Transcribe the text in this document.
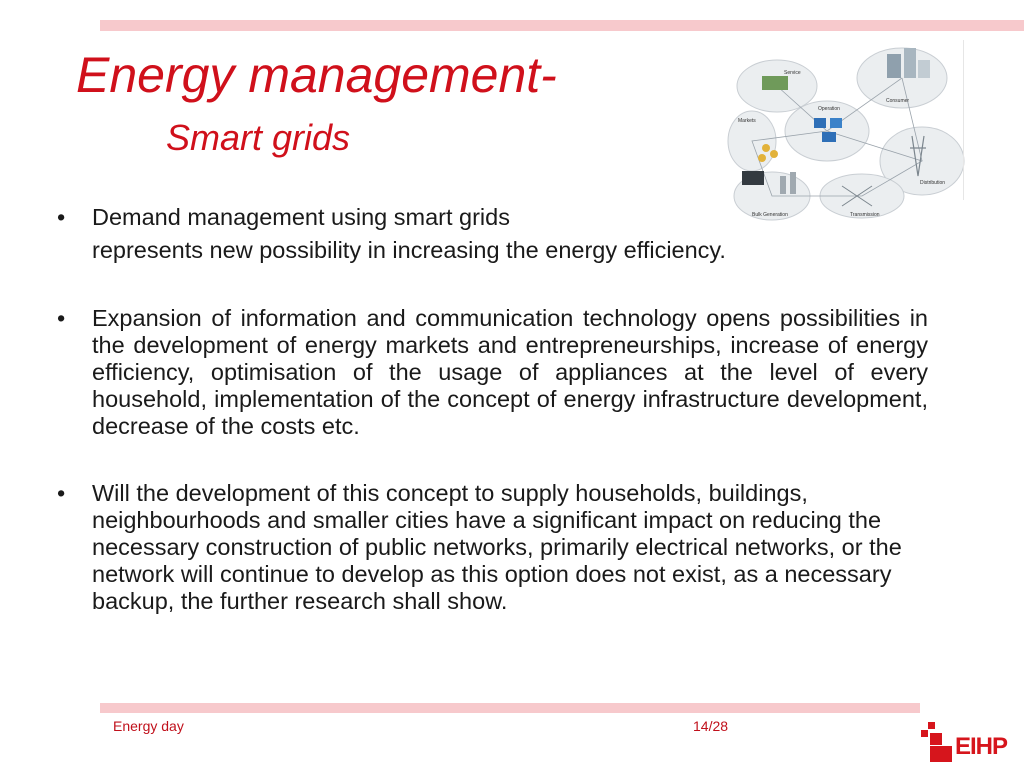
Energy management-
Smart grids
Service
Operation
Markets
Consumer
Distribution
Bulk Generation	Transmission
• Demand management using smart grids
represents new possibility in increasing the energy efficiency.
• Expansion of information and communication technology opens possibilities in the development of energy markets and entrepreneurships, increase of energy efficiency, optimisation of the usage of appliances at the level of every household, implementation of the concept of energy infrastructure development, decrease of the costs etc.
• Will the development of this concept to supply households, buildings, neighbourhoods and smaller cities have a significant impact on reducing the necessary construction of public networks, primarily electrical networks, or the network will continue to develop as this option does not exist, as a necessary backup, the further research shall show.
Energy day	14/28
EIHP
